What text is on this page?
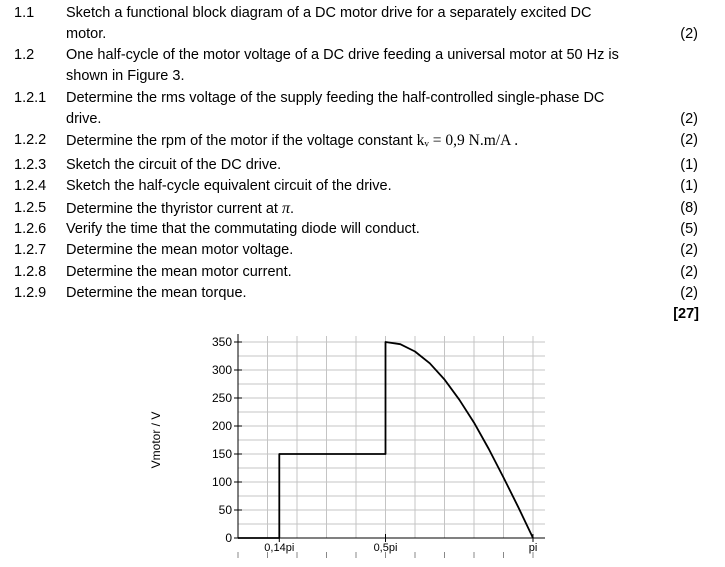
1.1 Sketch a functional block diagram of a DC motor drive for a separately excited DC
motor.	(2)
1.2 One half-cycle of the motor voltage of a DC drive feeding a universal motor at 50 Hz is
shown in Figure 3.
1.2.1 Determine the rms voltage of the supply feeding the half-controlled single-phase DC
drive.	(2)
1.2.2 Determine the rpm of the motor if the voltage constant kᵥ = 0,9 N.m/A .	(2)
1.2.3 Sketch the circuit of the DC drive.	(1)
1.2.4 Sketch the half-cycle equivalent circuit of the drive.	(1)
1.2.5 Determine the thyristor current at π.	(8)
1.2.6 Verify the time that the commutating diode will conduct.	(5)
1.2.7 Determine the mean motor voltage.	(2)
1.2.8 Determine the mean motor current.	(2)
1.2.9 Determine the mean torque.	(2)
[27]
0
50
100
150
200
250
300
350
0,14pi	0,5pi	pi
Vmotor / V
